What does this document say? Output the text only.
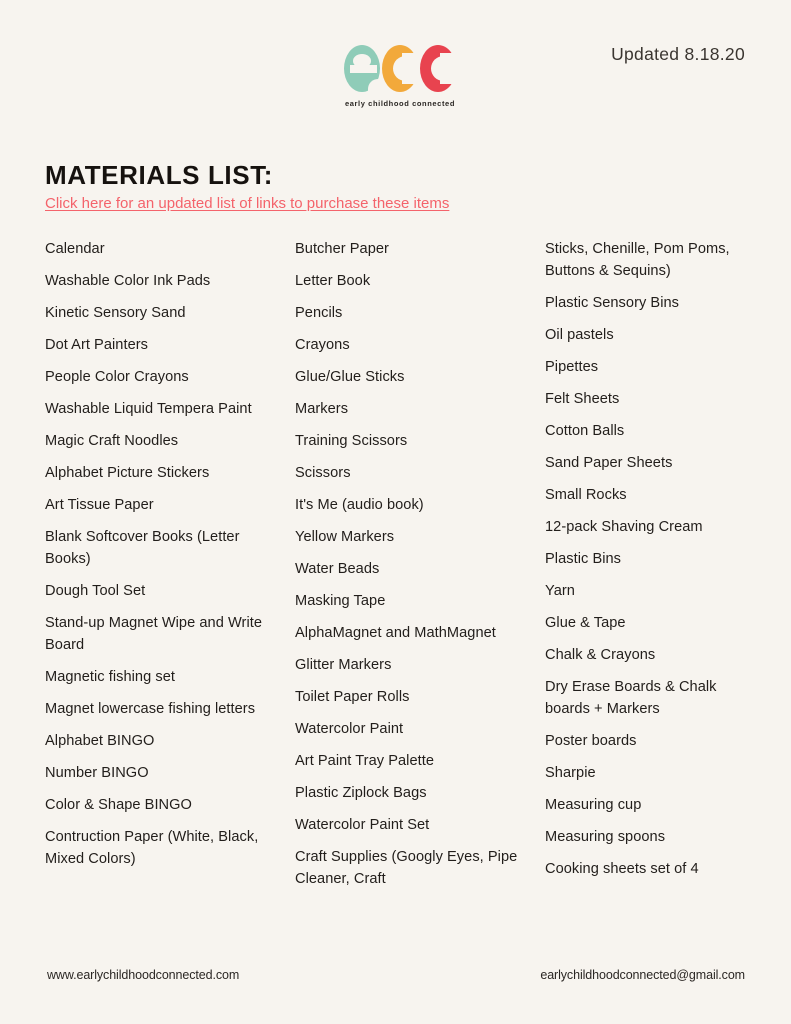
early childhood connected
Updated 8.18.20
MATERIALS LIST:
Click here for an updated list of links to purchase these items
Calendar
Washable Color Ink Pads
Kinetic Sensory Sand
Dot Art Painters
People Color Crayons
Washable Liquid Tempera Paint
Magic Craft Noodles
Alphabet Picture Stickers
Art Tissue Paper
Blank Softcover Books (Letter Books)
Dough Tool Set
Stand-up Magnet Wipe and Write Board
Magnetic fishing set
Magnet lowercase fishing letters
Alphabet BINGO
Number BINGO
Color & Shape BINGO
Contruction Paper (White, Black, Mixed Colors)
Butcher Paper
Letter Book
Pencils
Crayons
Glue/Glue Sticks
Markers
Training Scissors
Scissors
It's Me (audio book)
Yellow Markers
Water Beads
Masking Tape
AlphaMagnet and MathMagnet
Glitter Markers
Toilet Paper Rolls
Watercolor Paint
Art Paint Tray Palette
Plastic Ziplock Bags
Watercolor Paint Set
Craft Supplies (Googly Eyes, Pipe Cleaner, Craft
Sticks, Chenille, Pom Poms, Buttons & Sequins)
Plastic Sensory Bins
Oil pastels
Pipettes
Felt Sheets
Cotton Balls
Sand Paper Sheets
Small Rocks
12-pack Shaving Cream
Plastic Bins
Yarn
Glue & Tape
Chalk & Crayons
Dry Erase Boards & Chalk boards + Markers
Poster boards
Sharpie
Measuring cup
Measuring spoons
Cooking sheets set of 4
www.earlychildhoodconnected.com	earlychildhoodconnected@gmail.com
